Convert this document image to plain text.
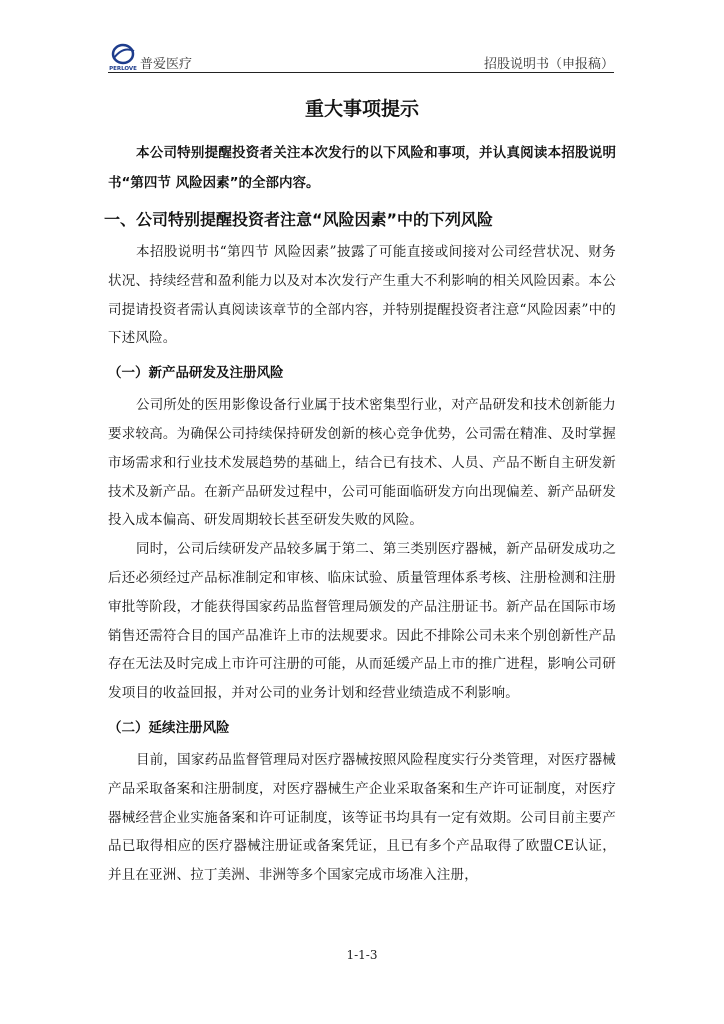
PERLOVE 普爱医疗	招股说明书（申报稿）
重大事项提示

本公司特别提醒投资者关注本次发行的以下风险和事项，并认真阅读本招股说明书“第四节 风险因素”的全部内容。

一、公司特别提醒投资者注意“风险因素”中的下列风险

本招股说明书“第四节 风险因素”披露了可能直接或间接对公司经营状况、财务状况、持续经营和盈利能力以及对本次发行产生重大不利影响的相关风险因素。本公司提请投资者需认真阅读该章节的全部内容，并特别提醒投资者注意“风险因素”中的下述风险。

（一）新产品研发及注册风险

公司所处的医用影像设备行业属于技术密集型行业，对产品研发和技术创新能力要求较高。为确保公司持续保持研发创新的核心竞争优势，公司需在精准、及时掌握市场需求和行业技术发展趋势的基础上，结合已有技术、人员、产品不断自主研发新技术及新产品。在新产品研发过程中，公司可能面临研发方向出现偏差、新产品研发投入成本偏高、研发周期较长甚至研发失败的风险。

同时，公司后续研发产品较多属于第二、第三类别医疗器械，新产品研发成功之后还必须经过产品标准制定和审核、临床试验、质量管理体系考核、注册检测和注册审批等阶段，才能获得国家药品监督管理局颁发的产品注册证书。新产品在国际市场销售还需符合目的国产品准许上市的法规要求。因此不排除公司未来个别创新性产品存在无法及时完成上市许可注册的可能，从而延缓产品上市的推广进程，影响公司研发项目的收益回报，并对公司的业务计划和经营业绩造成不利影响。

（二）延续注册风险

目前，国家药品监督管理局对医疗器械按照风险程度实行分类管理，对医疗器械产品采取备案和注册制度，对医疗器械生产企业采取备案和生产许可证制度，对医疗器械经营企业实施备案和许可证制度，该等证书均具有一定有效期。公司目前主要产品已取得相应的医疗器械注册证或备案凭证，且已有多个产品取得了欧盟CE认证，并且在亚洲、拉丁美洲、非洲等多个国家完成市场准入注册，

1-1-3
